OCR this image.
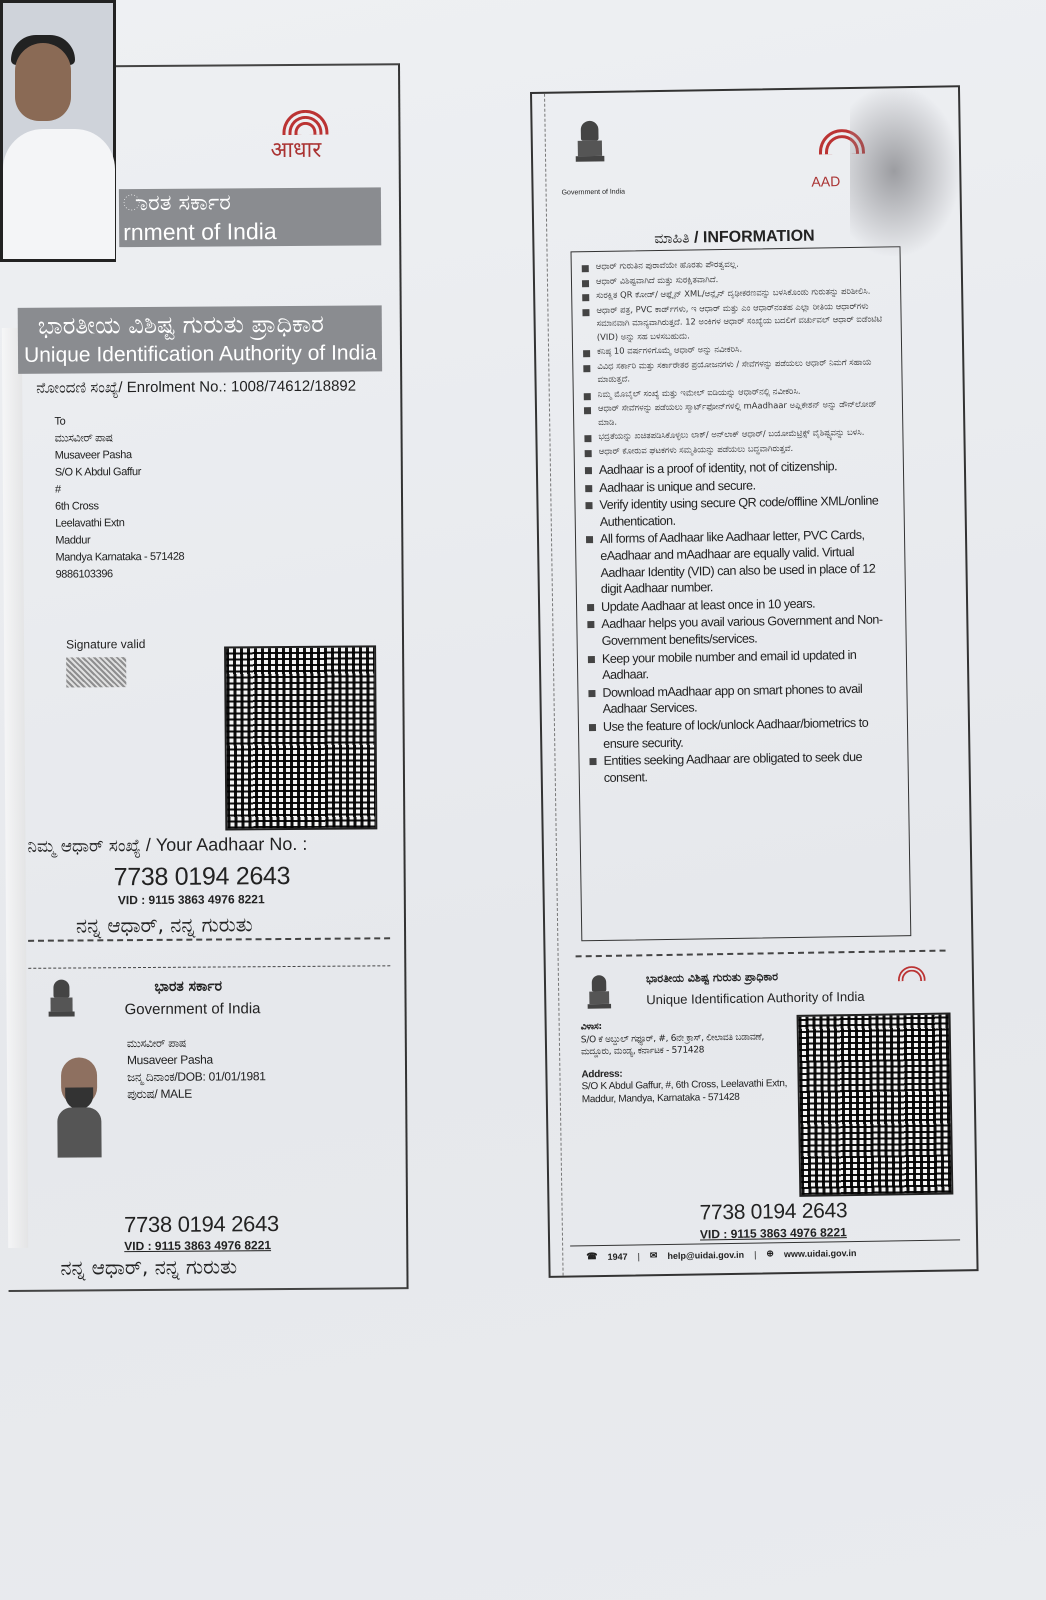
आधार
ಾರತ ಸರ್ಕಾರ
rnment of India
ಭಾರತೀಯ ವಿಶಿಷ್ಟ ಗುರುತು ಪ್ರಾಧಿಕಾರ
Unique Identification Authority of India
ನೋಂದಣಿ ಸಂಖ್ಯೆ/ Enrolment No.: 1008/74612/18892
To
ಮುಸವೀರ್ ಪಾಷ
Musaveer Pasha
S/O K Abdul Gaffur
#
6th Cross
Leelavathi Extn
Maddur
Mandya Karnataka - 571428
9886103396
Signature valid
ನಿಮ್ಮ ಆಧಾರ್ ಸಂಖ್ಯೆ / Your Aadhaar No. :
7738 0194 2643
VID : 9115 3863 4976 8221
ನನ್ನ ಆಧಾರ್, ನನ್ನ ಗುರುತು
ಭಾರತ ಸರ್ಕಾರ
Government of India
ಮುಸವೀರ್ ಪಾಷ
Musaveer Pasha
ಜನ್ಮ ದಿನಾಂಕ/DOB: 01/01/1981
ಪುರುಷ/ MALE
7738 0194 2643
VID : 9115 3863 4976 8221
ನನ್ನ ಆಧಾರ್, ನನ್ನ ಗುರುತು
Government of India
AAD
ಮಾಹಿತಿ / INFORMATION
ಆಧಾರ್ ಗುರುತಿನ ಪುರಾವೆಯೇ ಹೊರತು ಪೌರತ್ವವಲ್ಲ.
ಆಧಾರ್ ವಿಶಿಷ್ಟವಾಗಿದೆ ಮತ್ತು ಸುರಕ್ಷಿತವಾಗಿದೆ.
ಸುರಕ್ಷಿತ QR ಕೋಡ್/ ಆಫ್ಲೈನ್ XML/ಆನ್ಲೈನ್ ದೃಢೀಕರಣವನ್ನು ಬಳಸಿಕೊಂಡು ಗುರುತನ್ನು ಪರಿಶೀಲಿಸಿ.
ಆಧಾರ್ ಪತ್ರ, PVC ಕಾರ್ಡ್‌ಗಳು, ಇ ಆಧಾರ್ ಮತ್ತು ಎಂ ಆಧಾರ್‌ನಂತಹ ಎಲ್ಲಾ ರೀತಿಯ ಆಧಾರ್‌ಗಳು ಸಮಾನವಾಗಿ ಮಾನ್ಯವಾಗಿರುತ್ತದೆ. 12 ಅಂಕಿಗಳ ಆಧಾರ್ ಸಂಖ್ಯೆಯ ಬದಲಿಗೆ ವರ್ಚುವಲ್ ಆಧಾರ್ ಐಡೆಂಟಿಟಿ (VID) ಅನ್ನು ಸಹ ಬಳಸಬಹುದು.
ಕನಿಷ್ಠ 10 ವರ್ಷಗಳಿಗೊಮ್ಮೆ ಆಧಾರ್ ಅನ್ನು ನವೀಕರಿಸಿ.
ವಿವಿಧ ಸರ್ಕಾರಿ ಮತ್ತು ಸರ್ಕಾರೇತರ ಪ್ರಯೋಜನಗಳು / ಸೇವೆಗಳನ್ನು ಪಡೆಯಲು ಆಧಾರ್ ನಿಮಗೆ ಸಹಾಯ ಮಾಡುತ್ತದೆ.
ನಿಮ್ಮ ಮೊಬೈಲ್ ಸಂಖ್ಯೆ ಮತ್ತು ಇಮೇಲ್ ಐಡಿಯನ್ನು ಆಧಾರ್‌ನಲ್ಲಿ ನವೀಕರಿಸಿ.
ಆಧಾರ್ ಸೇವೆಗಳನ್ನು ಪಡೆಯಲು ಸ್ಮಾರ್ಟ್‌ಫೋನ್‌ಗಳಲ್ಲಿ mAadhaar ಅಪ್ಲಿಕೇಶನ್ ಅನ್ನು ಡೌನ್‌ಲೋಡ್ ಮಾಡಿ.
ಭದ್ರತೆಯನ್ನು ಖಚಿತಪಡಿಸಿಕೊಳ್ಳಲು ಲಾಕ್/ ಅನ್‌ಲಾಕ್ ಆಧಾರ್/ ಬಯೋಮೆಟ್ರಿಕ್ಸ್ ವೈಶಿಷ್ಟ್ಯವನ್ನು ಬಳಸಿ.
ಆಧಾರ್ ಕೋರುವ ಘಟಕಗಳು ಸಮ್ಮತಿಯನ್ನು ಪಡೆಯಲು ಬದ್ಧವಾಗಿರುತ್ತವೆ.
Aadhaar is a proof of identity, not of citizenship.
Aadhaar is unique and secure.
Verify identity using secure QR code/offline XML/online Authentication.
All forms of Aadhaar like Aadhaar letter, PVC Cards, eAadhaar and mAadhaar are equally valid. Virtual Aadhaar Identity (VID) can also be used in place of 12 digit Aadhaar number.
Update Aadhaar at least once in 10 years.
Aadhaar helps you avail various Government and Non- Government benefits/services.
Keep your mobile number and email id updated in Aadhaar.
Download mAadhaar app on smart phones to avail Aadhaar Services.
Use the feature of lock/unlock Aadhaar/biometrics to ensure security.
Entities seeking Aadhaar are obligated to seek due consent.
ಭಾರತೀಯ ವಿಶಿಷ್ಟ ಗುರುತು ಪ್ರಾಧಿಕಾರ
Unique Identification Authority of India
ವಿಳಾಸ:
S/O ಕೆ ಅಬ್ದುಲ್ ಗಫ್ಫೂರ್, #, 6ನೇ ಕ್ರಾಸ್, ಲೀಲಾವತಿ ಬಡಾವಣೆ, ಮದ್ದೂರು, ಮಂಡ್ಯ, ಕರ್ನಾಟಕ - 571428
Address:
S/O K Abdul Gaffur, #, 6th Cross, Leelavathi Extn, Maddur, Mandya, Karnataka - 571428
7738 0194 2643
VID : 9115 3863 4976 8221
☎ 1947 | ✉ help@uidai.gov.in | ⊕ www.uidai.gov.in
